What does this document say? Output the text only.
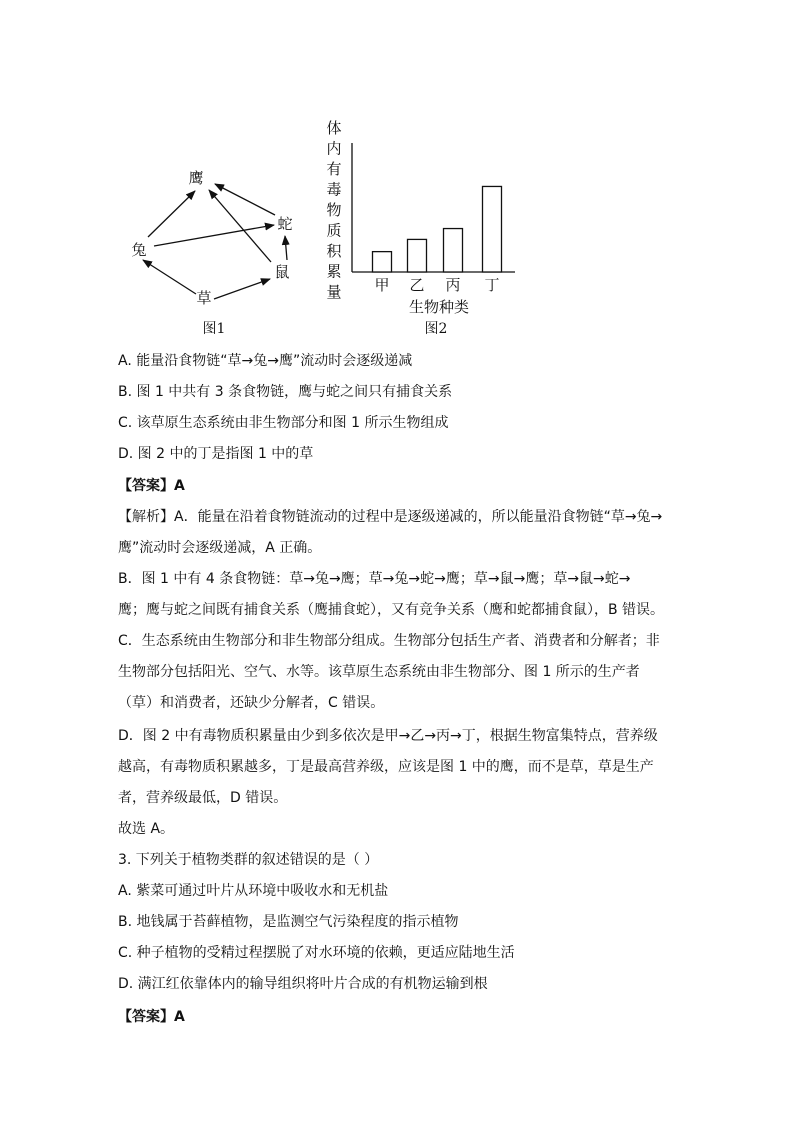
鹰
蛇
兔
鼠
草
图1
体
内
有
毒
物
质
积
累
量 甲 乙 丙 丁
生物种类
图2
A. 能量沿食物链“草→兔→鹰”流动时会逐级递减
B. 图 1 中共有 3 条食物链，鹰与蛇之间只有捕食关系
C. 该草原生态系统由非生物部分和图 1 所示生物组成
D. 图 2 中的丁是指图 1 中的草
【答案】A
【解析】A．能量在沿着食物链流动的过程中是逐级递减的，所以能量沿食物链“草→兔→
鹰”流动时会逐级递减，A 正确。
B．图 1 中有 4 条食物链：草→兔→鹰；草→兔→蛇→鹰；草→鼠→鹰；草→鼠→蛇→
鹰；鹰与蛇之间既有捕食关系（鹰捕食蛇），又有竞争关系（鹰和蛇都捕食鼠），B 错误。
C．生态系统由生物部分和非生物部分组成。生物部分包括生产者、消费者和分解者；非
生物部分包括阳光、空气、水等。该草原生态系统由非生物部分、图 1 所示的生产者
（草）和消费者，还缺少分解者，C 错误。
D．图 2 中有毒物质积累量由少到多依次是甲→乙→丙→丁，根据生物富集特点，营养级
越高，有毒物质积累越多，丁是最高营养级，应该是图 1 中的鹰，而不是草，草是生产
者，营养级最低，D 错误。
故选 A。
3. 下列关于植物类群的叙述错误的是（ ）
A. 紫菜可通过叶片从环境中吸收水和无机盐
B. 地钱属于苔藓植物，是监测空气污染程度的指示植物
C. 种子植物的受精过程摆脱了对水环境的依赖，更适应陆地生活
D. 满江红依靠体内的输导组织将叶片合成的有机物运输到根
【答案】A
